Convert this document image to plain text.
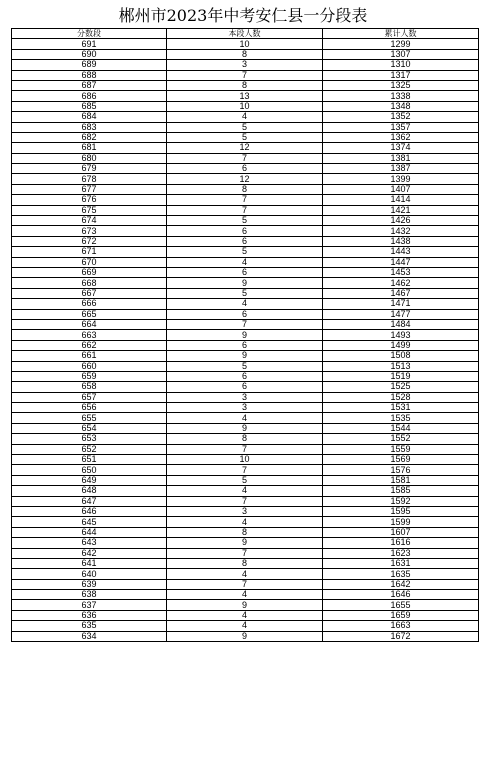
郴州市2023年中考安仁县一分段表
分数段	本段人数	累计人数
691	10	1299
690	8	1307
689	3	1310
688	7	1317
687	8	1325
686	13	1338
685	10	1348
684	4	1352
683	5	1357
682	5	1362
681	12	1374
680	7	1381
679	6	1387
678	12	1399
677	8	1407
676	7	1414
675	7	1421
674	5	1426
673	6	1432
672	6	1438
671	5	1443
670	4	1447
669	6	1453
668	9	1462
667	5	1467
666	4	1471
665	6	1477
664	7	1484
663	9	1493
662	6	1499
661	9	1508
660	5	1513
659	6	1519
658	6	1525
657	3	1528
656	3	1531
655	4	1535
654	9	1544
653	8	1552
652	7	1559
651	10	1569
650	7	1576
649	5	1581
648	4	1585
647	7	1592
646	3	1595
645	4	1599
644	8	1607
643	9	1616
642	7	1623
641	8	1631
640	4	1635
639	7	1642
638	4	1646
637	9	1655
636	4	1659
635	4	1663
634	9	1672
